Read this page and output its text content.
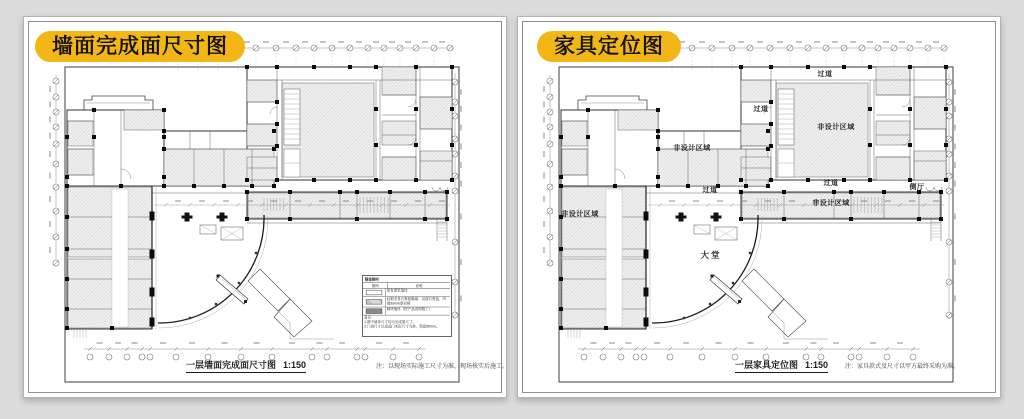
墙面完成面尺寸图
隔墙图例
图例	说明
原有建筑墙体
轻钢龙骨石膏板隔墙：双面石膏板，内填50mm厚岩棉
砌块墙体（按产品说明施工）
备注：
1.图中墙体尺寸均为完成面尺寸。
2.门洞尺寸以成品门实际尺寸为准，预留50mm。
一层墙面完成面尺寸图 1:150	注：以现场实际施工尺寸为准，现场核实后施工。
家具定位图
过道
过道
非设计区域
非设计区域
非设计区域
过道
过道
侧厅
非设计区域
大堂
一层家具定位图 1:150	注：家具款式及尺寸以甲方最终采购为准。
